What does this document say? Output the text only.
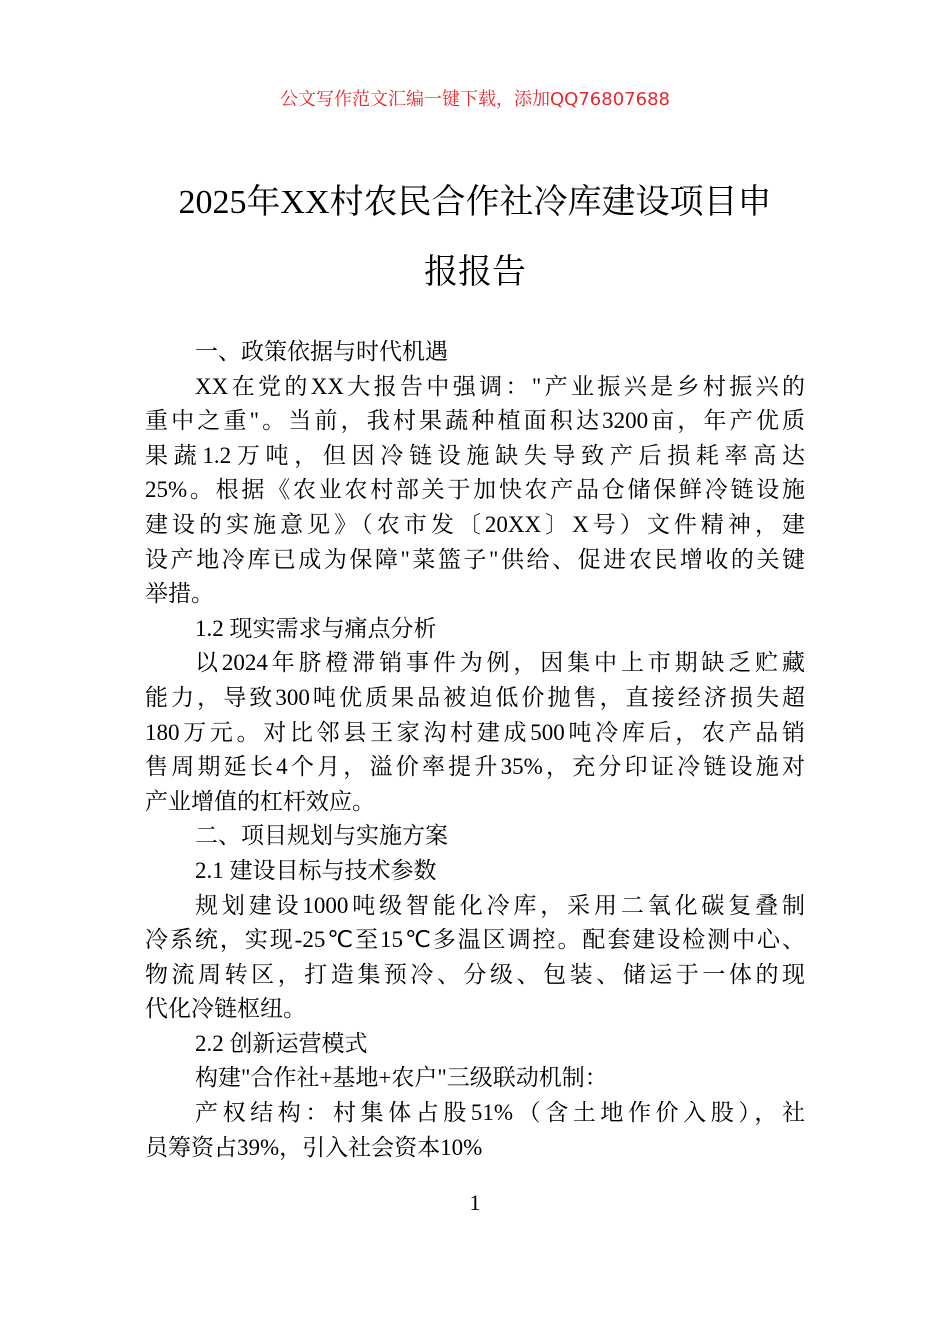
公文写作范文汇编一键下载，添加QQ76807688
2025年XX村农民合作社冷库建设项目申
报报告
一、政策依据与时代机遇
XX在党的XX大报告中强调："产业振兴是乡村振兴的
重中之重"。当前，我村果蔬种植面积达3200亩，年产优质
果蔬1.2万吨，但因冷链设施缺失导致产后损耗率高达
25%。根据《农业农村部关于加快农产品仓储保鲜冷链设施
建设的实施意见》（农市发〔20XX〕X号）文件精神，建
设产地冷库已成为保障"菜篮子"供给、促进农民增收的关键
举措。
1.2 现实需求与痛点分析
以2024年脐橙滞销事件为例，因集中上市期缺乏贮藏
能力，导致300吨优质果品被迫低价抛售，直接经济损失超
180万元。对比邻县王家沟村建成500吨冷库后，农产品销
售周期延长4个月，溢价率提升35%，充分印证冷链设施对
产业增值的杠杆效应。
二、项目规划与实施方案
2.1 建设目标与技术参数
规划建设1000吨级智能化冷库，采用二氧化碳复叠制
冷系统，实现-25℃至15℃多温区调控。配套建设检测中心、
物流周转区，打造集预冷、分级、包装、储运于一体的现
代化冷链枢纽。
2.2 创新运营模式
构建"合作社+基地+农户"三级联动机制：
产权结构：村集体占股51%（含土地作价入股），社
员筹资占39%，引入社会资本10%
1
